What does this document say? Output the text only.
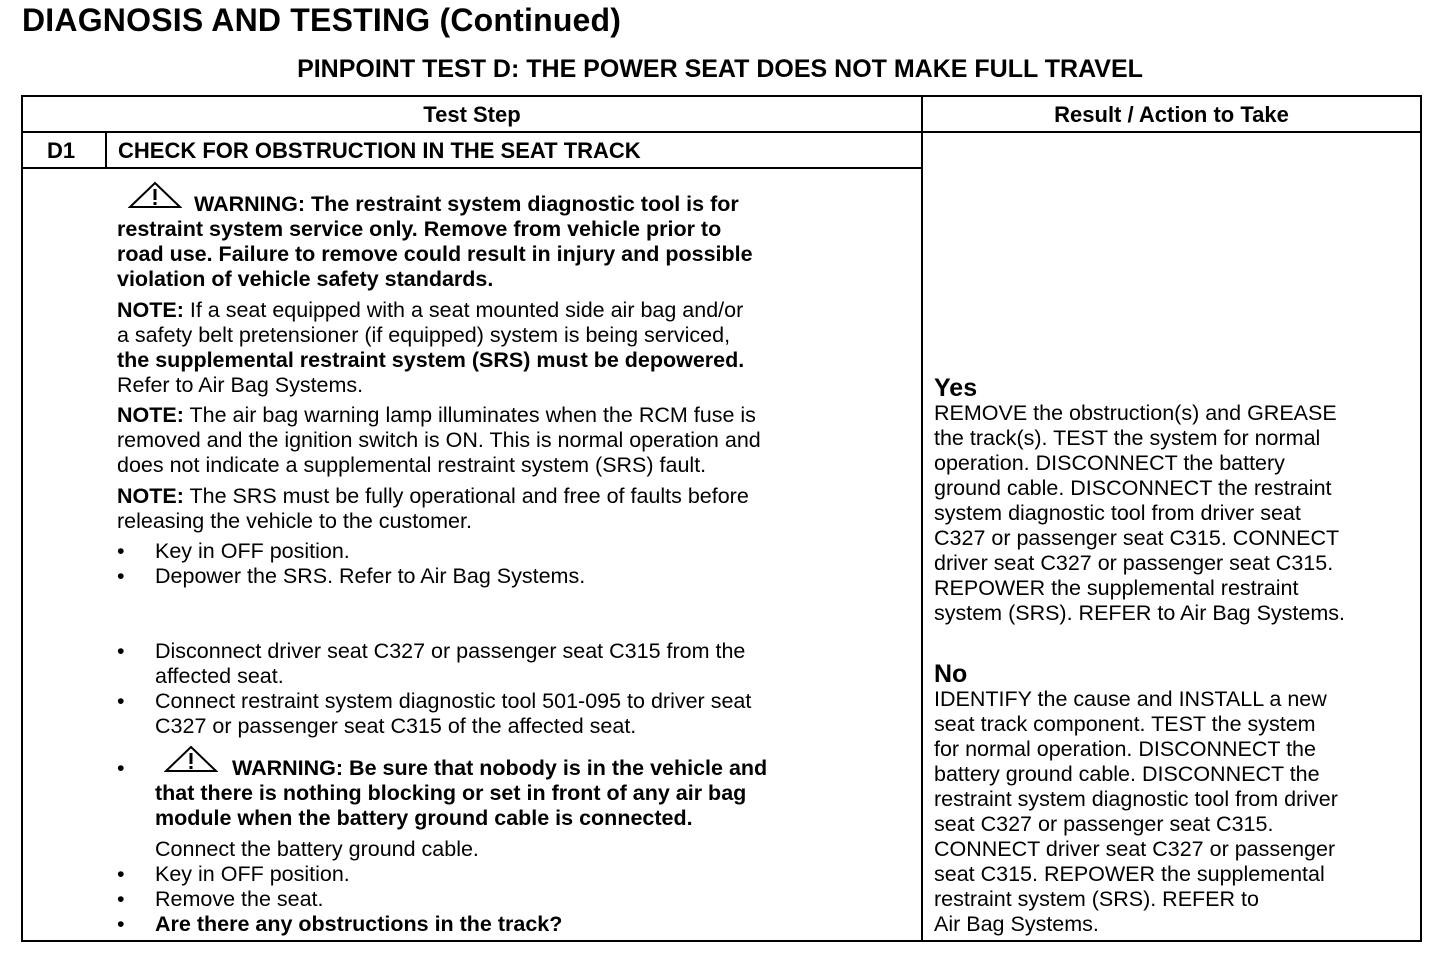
DIAGNOSIS AND TESTING (Continued)
PINPOINT TEST D: THE POWER SEAT DOES NOT MAKE FULL TRAVEL
Test Step	Result / Action to Take
D1 CHECK FOR OBSTRUCTION IN THE SEAT TRACK
WARNING: The restraint system diagnostic tool is for
restraint system service only. Remove from vehicle prior to
road use. Failure to remove could result in injury and possible
violation of vehicle safety standards.
NOTE: If a seat equipped with a seat mounted side air bag and/or
a safety belt pretensioner (if equipped) system is being serviced,
the supplemental restraint system (SRS) must be depowered.
Refer to Air Bag Systems.
NOTE: The air bag warning lamp illuminates when the RCM fuse is
removed and the ignition switch is ON. This is normal operation and
does not indicate a supplemental restraint system (SRS) fault.
NOTE: The SRS must be fully operational and free of faults before
releasing the vehicle to the customer.
• Key in OFF position.
• Depower the SRS. Refer to Air Bag Systems.
• Disconnect driver seat C327 or passenger seat C315 from the
affected seat.
• Connect restraint system diagnostic tool 501-095 to driver seat
C327 or passenger seat C315 of the affected seat.
•	WARNING: Be sure that nobody is in the vehicle and
that there is nothing blocking or set in front of any air bag
module when the battery ground cable is connected.
Connect the battery ground cable.
• Key in OFF position.
• Remove the seat.
• Are there any obstructions in the track?
Yes
REMOVE the obstruction(s) and GREASE
the track(s). TEST the system for normal
operation. DISCONNECT the battery
ground cable. DISCONNECT the restraint
system diagnostic tool from driver seat
C327 or passenger seat C315. CONNECT
driver seat C327 or passenger seat C315.
REPOWER the supplemental restraint
system (SRS). REFER to Air Bag Systems.
No
IDENTIFY the cause and INSTALL a new
seat track component. TEST the system
for normal operation. DISCONNECT the
battery ground cable. DISCONNECT the
restraint system diagnostic tool from driver
seat C327 or passenger seat C315.
CONNECT driver seat C327 or passenger
seat C315. REPOWER the supplemental
restraint system (SRS). REFER to
Air Bag Systems.
